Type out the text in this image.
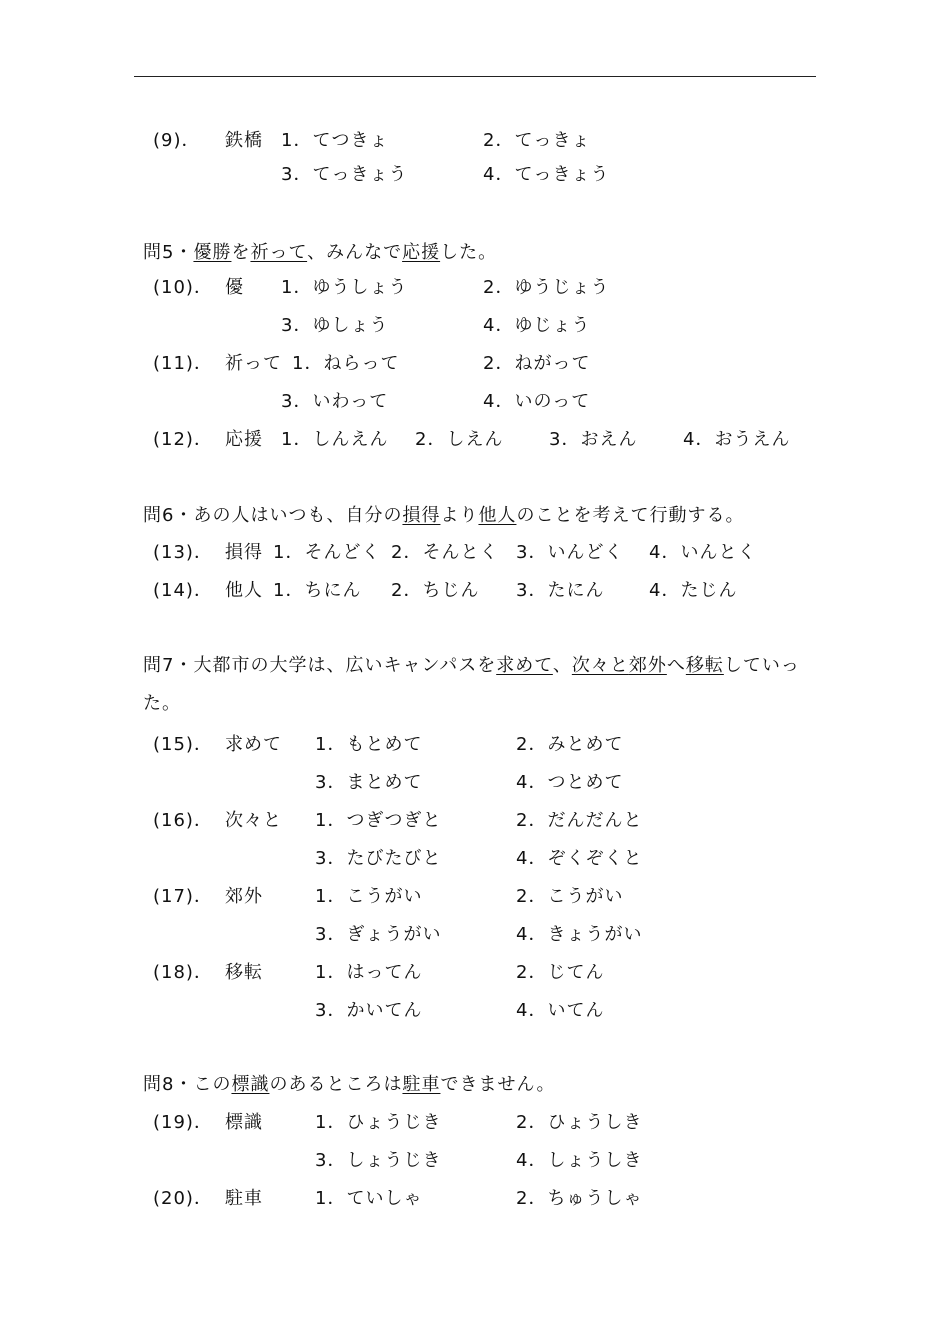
(9)． 鉄橋 1．てつきょ	2．てっきょ
3．てっきょう	4．てっきょう
問5・優勝を祈って、みんなで応援した。
(10)． 優 1．ゆうしょう	2．ゆうじょう
3．ゆしょう	4．ゆじょう
(11)． 祈って 1．ねらって	2．ねがって
3．いわって	4．いのって
(12)． 応援 1．しんえん 2．しえん	3．おえん	4．おうえん
問6・あの人はいつも、自分の損得より他人のことを考えて行動する。
(13)． 損得 1．そんどく 2．そんとく 3．いんどく 4．いんとく
(14)． 他人 1．ちにん 2．ちじん 3．たにん 4．たじん
問7・大都市の大学は、広いキャンパスを求めて、次々と郊外へ移転していった。
(15)． 求めて 1．もとめて	2．みとめて
3．まとめて	4．つとめて
(16)． 次々と 1．つぎつぎと	2．だんだんと
3．たびたびと	4．ぞくぞくと
(17)． 郊外	1．こうがい	2．こうがい
3．ぎょうがい	4．きょうがい
(18)． 移転	1．はってん	2．じてん
3．かいてん	4．いてん
問8・この標識のあるところは駐車できません。
(19)． 標識	1．ひょうじき	2．ひょうしき
3．しょうじき	4．しょうしき
(20)． 駐車	1．ていしゃ	2．ちゅうしゃ
